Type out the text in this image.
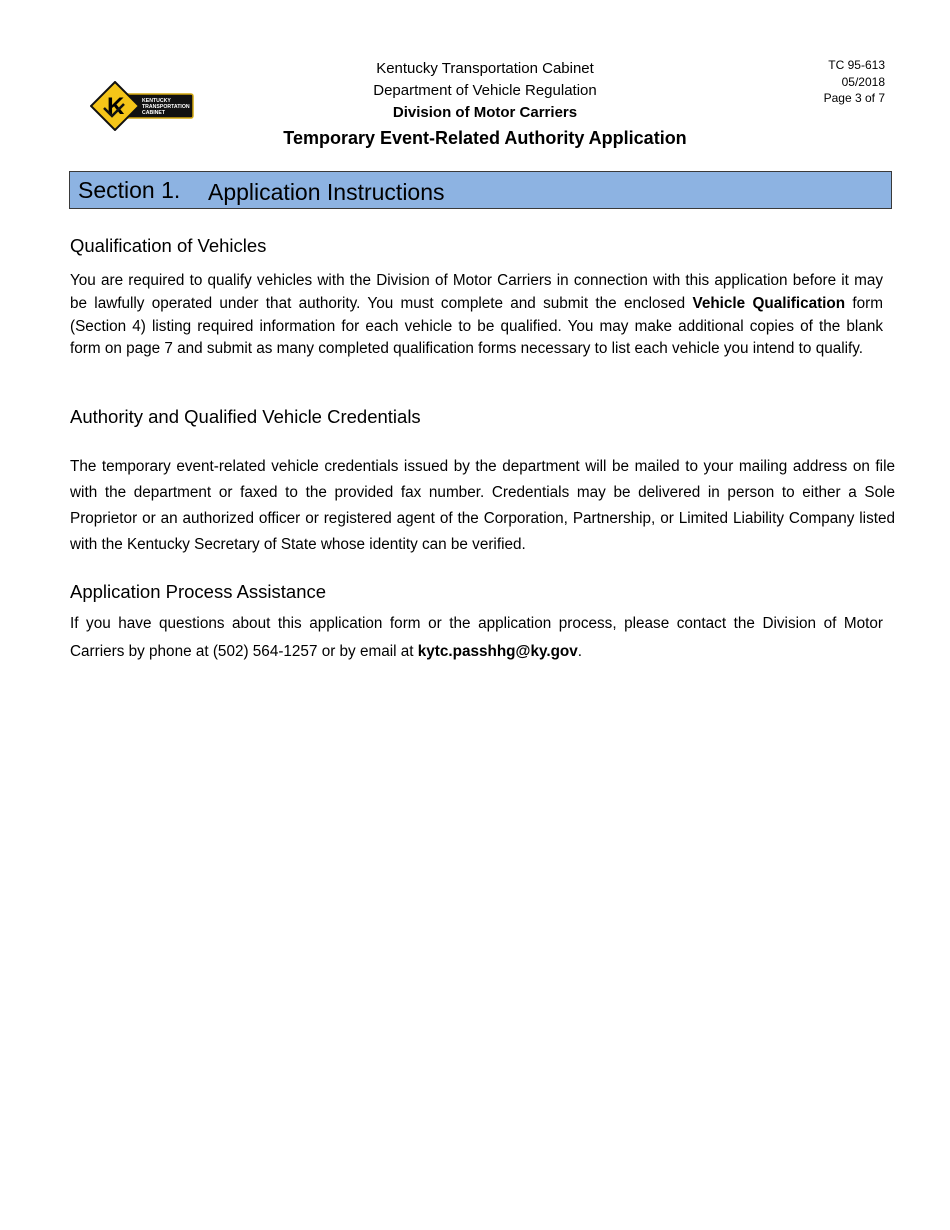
K	KENTUCKY
TRANSPORTATION
CABINET
Kentucky Transportation Cabinet
Department of Vehicle Regulation
Division of Motor Carriers
Temporary Event-Related Authority Application
TC 95-613
05/2018
Page 3 of 7
Section 1. Application Instructions
Qualification of Vehicles

You are required to qualify vehicles with the Division of Motor Carriers in connection with this application before it may be lawfully operated under that authority. You must complete and submit the enclosed Vehicle Qualification form (Section 4) listing required information for each vehicle to be qualified. You may make additional copies of the blank form on page 7 and submit as many completed qualification forms necessary to list each vehicle you intend to qualify.

Authority and Qualified Vehicle Credentials

The temporary event-related vehicle credentials issued by the department will be mailed to your mailing address on file with the department or faxed to the provided fax number. Credentials may be delivered in person to either a Sole Proprietor or an authorized officer or registered agent of the Corporation, Partnership, or Limited Liability Company listed with the Kentucky Secretary of State whose identity can be verified.

Application Process Assistance

If you have questions about this application form or the application process, please contact the Division of Motor Carriers by phone at (502) 564-1257 or by email at kytc.passhhg@ky.gov.
